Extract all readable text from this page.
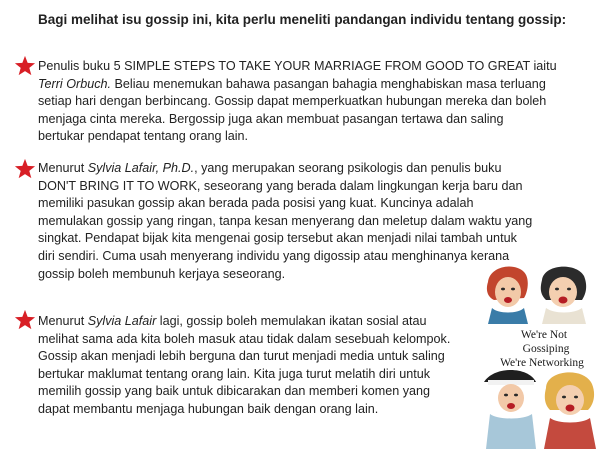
Bagi melihat isu gossip ini, kita perlu meneliti pandangan individu tentang gossip:
Penulis buku 5 SIMPLE STEPS TO TAKE YOUR MARRIAGE FROM GOOD TO GREAT iaitu
Terri Orbuch. Beliau menemukan bahawa pasangan bahagia menghabiskan masa terluang
setiap hari dengan berbincang. Gossip dapat memperkuatkan hubungan mereka dan boleh
menjaga cinta mereka. Bergossip juga akan membuat pasangan tertawa dan saling
bertukar pendapat tentang orang lain.
Menurut Sylvia Lafair, Ph.D., yang merupakan seorang psikologis dan penulis buku
DON'T BRING IT TO WORK, seseorang yang berada dalam lingkungan kerja baru dan
memiliki pasukan gossip akan berada pada posisi yang kuat. Kuncinya adalah
memulakan gossip yang ringan, tanpa kesan menyerang dan meletup dalam waktu yang
singkat. Pendapat bijak kita mengenai gosip tersebut akan menjadi nilai tambah untuk
diri sendiri. Cuma usah menyerang individu yang digossip atau menghinanya kerana
gossip boleh membunuh kerjaya seseorang.
Menurut Sylvia Lafair lagi, gossip boleh memulakan ikatan sosial atau
melihat sama ada kita boleh masuk atau tidak dalam sesebuah kelompok.
Gossip akan menjadi lebih berguna dan turut menjadi media untuk saling
bertukar maklumat tentang orang lain. Kita juga turut melatih diri untuk
memilih gossip yang baik untuk dibicarakan dan memberi komen yang
dapat membantu menjaga hubungan baik dengan orang lain.
We're Not
Gossiping
We're Networking
